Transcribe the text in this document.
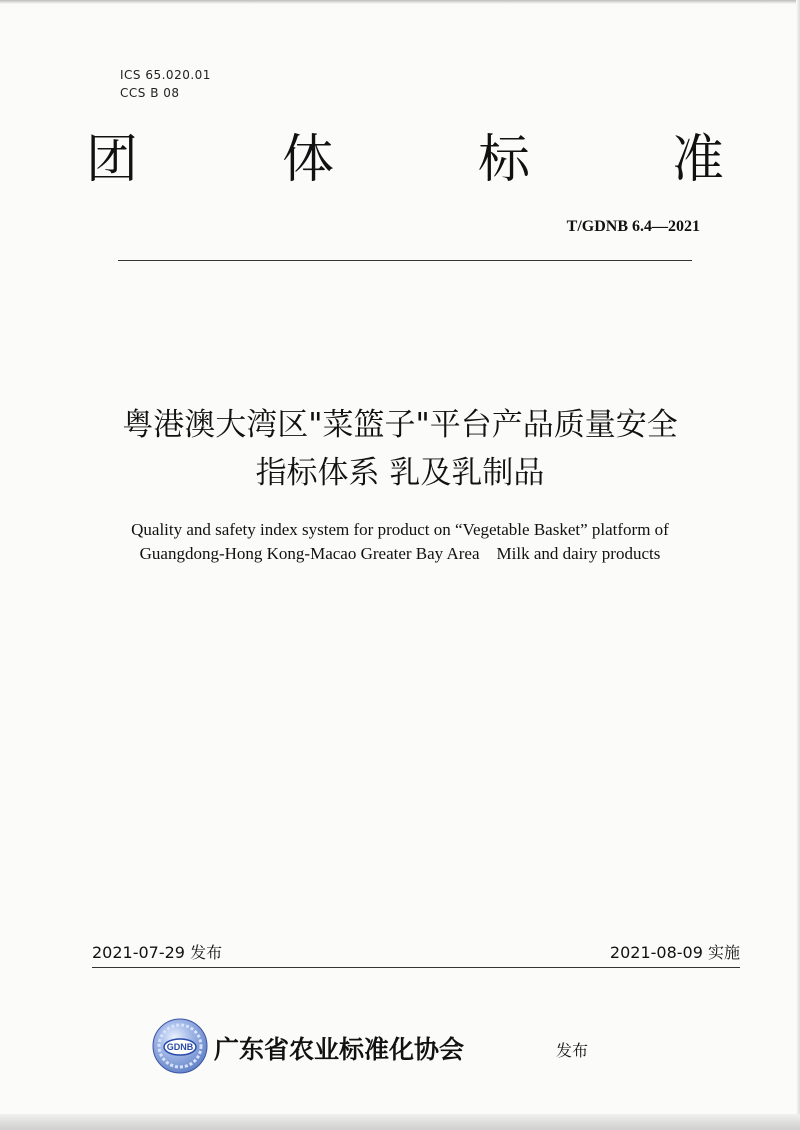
ICS 65.020.01
CCS B 08
团	体	标	准
T/GDNB 6.4—2021
粤港澳大湾区"菜篮子"平台产品质量安全
指标体系 乳及乳制品
Quality and safety index system for product on “Vegetable Basket” platform of
Guangdong-Hong Kong-Macao Greater Bay Area    Milk and dairy products
2021-07-29 发布	2021-08-09 实施
GDNB 广东省农业标准化协会	发布
